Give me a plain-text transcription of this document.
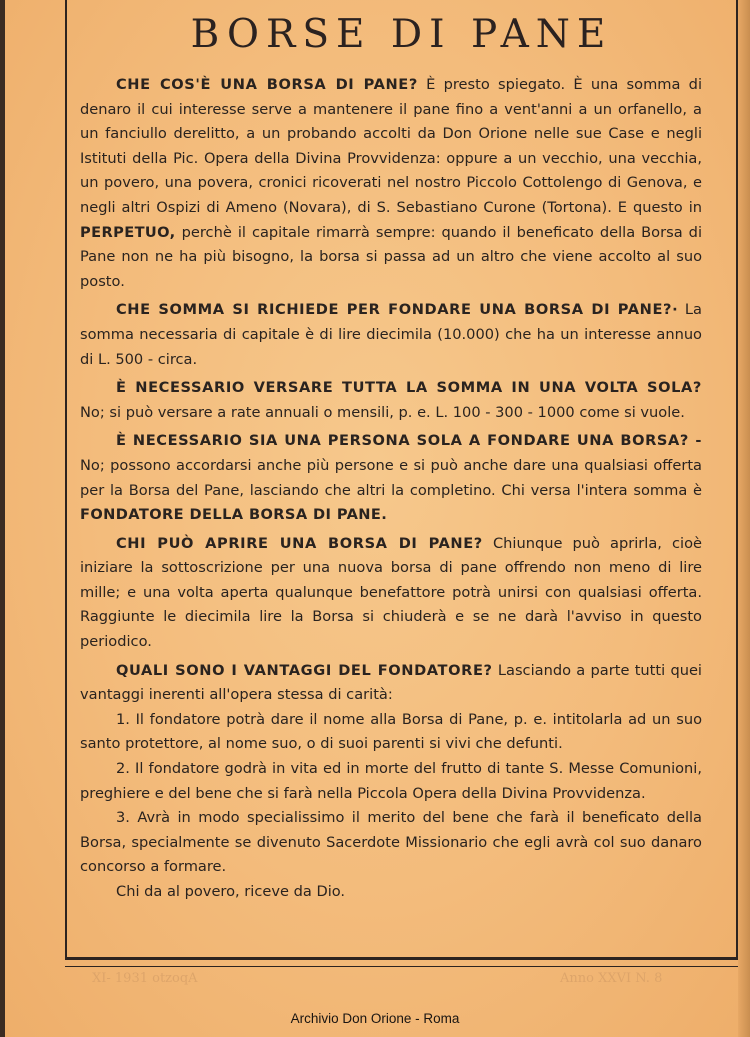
BORSE DI PANE

CHE COS'È UNA BORSA DI PANE? È presto spiegato. È una somma di denaro il cui interesse serve a mantenere il pane fino a vent'anni a un orfanello, a un fanciullo derelitto, a un probando accolti da Don Orione nelle sue Case e negli Istituti della Pic. Opera della Divina Provvidenza: oppure a un vecchio, una vecchia, un povero, una povera, cronici ricoverati nel nostro Piccolo Cottolengo di Genova, e negli altri Ospizi di Ameno (Novara), di S. Sebastiano Curone (Tortona). E questo in PERPETUO, perchè il capitale rimarrà sempre: quando il beneficato della Borsa di Pane non ne ha più bisogno, la borsa si passa ad un altro che viene accolto al suo posto.

CHE SOMMA SI RICHIEDE PER FONDARE UNA BORSA DI PANE?· La somma necessaria di capitale è di lire diecimila (10.000) che ha un interesse annuo di L. 500 - circa.

È NECESSARIO VERSARE TUTTA LA SOMMA IN UNA VOLTA SOLA? No; si può versare a rate annuali o mensili, p. e. L. 100 - 300 - 1000 come si vuole.

È NECESSARIO SIA UNA PERSONA SOLA A FONDARE UNA BORSA? - No; possono accordarsi anche più persone e si può anche dare una qualsiasi offerta per la Borsa del Pane, lasciando che altri la completino. Chi versa l'intera somma è FONDATORE DELLA BORSA DI PANE.

CHI PUÒ APRIRE UNA BORSA DI PANE? Chiunque può aprirla, cioè iniziare la sottoscrizione per una nuova borsa di pane offrendo non meno di lire mille; e una volta aperta qualunque benefattore potrà unirsi con qualsiasi offerta. Raggiunte le diecimila lire la Borsa si chiuderà e se ne darà l'avviso in questo periodico.

QUALI SONO I VANTAGGI DEL FONDATORE? Lasciando a parte tutti quei vantaggi inerenti all'opera stessa di carità:

1. Il fondatore potrà dare il nome alla Borsa di Pane, p. e. intitolarla ad un suo santo protettore, al nome suo, o di suoi parenti si vivi che defunti.

2. Il fondatore godrà in vita ed in morte del frutto di tante S. Messe Comunioni, preghiere e del bene che si farà nella Piccola Opera della Divina Provvidenza.

3. Avrà in modo specialissimo il merito del bene che farà il beneficato della Borsa, specialmente se divenuto Sacerdote Missionario che egli avrà col suo danaro concorso a formare.

Chi da al povero, riceve da Dio.

XI- 1931 otzoqA	Anno XXVI N. 8
Archivio Don Orione - Roma
